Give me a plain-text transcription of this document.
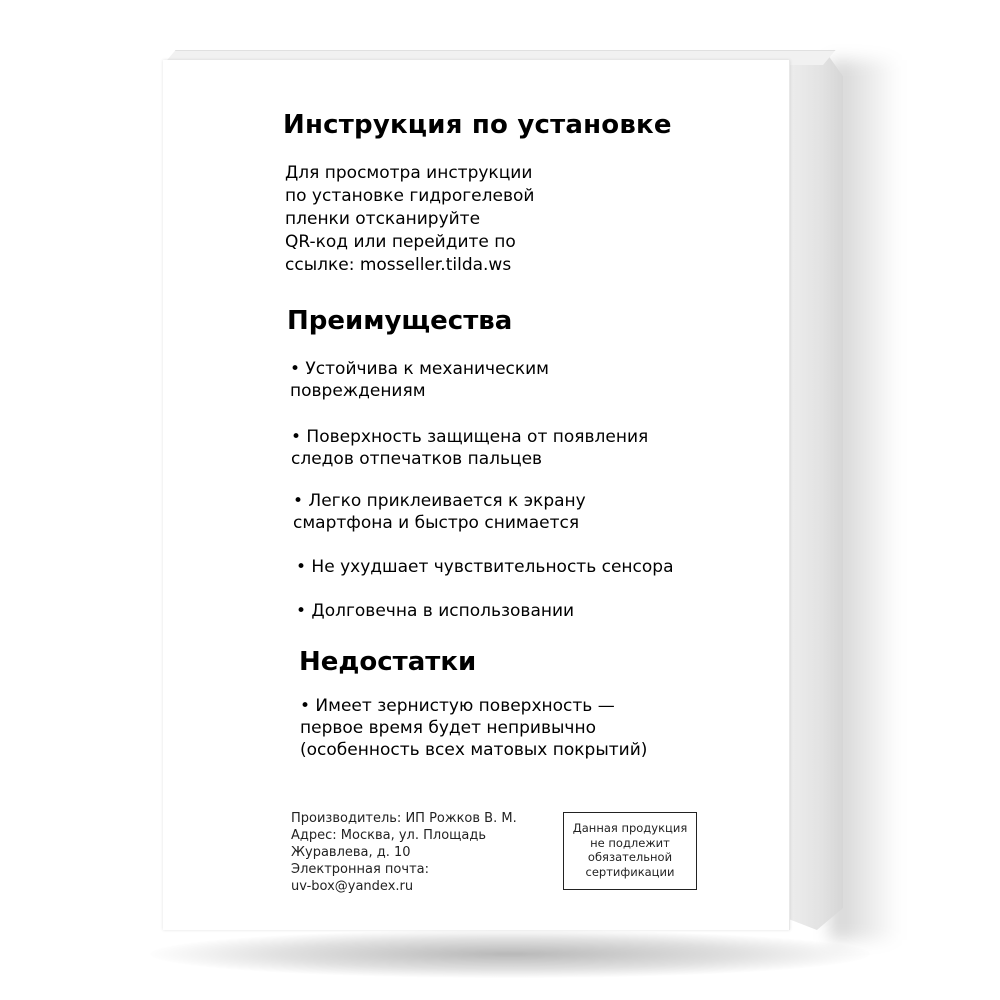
Инструкция по установке

Для просмотра инструкции
по установке гидрогелевой
пленки отсканируйте
QR-код или перейдите по
ссылке: mosseller.tilda.ws

Преимущества
• Устойчива к механическим
повреждениям
• Поверхность защищена от появления
следов отпечатков пальцев
• Легко приклеивается к экрану
смартфона и быстро снимается
• Не ухудшает чувствительность сенсора
• Долговечна в использовании
Недостатки
• Имеет зернистую поверхность —
первое время будет непривычно
(особенность всех матовых покрытий)
Производитель: ИП Рожков В. М.
Адрес: Москва, ул. Площадь
Журавлева, д. 10
Электронная почта:
uv-box@yandex.ru
Данная продукция
не подлежит
обязательной
сертификации
